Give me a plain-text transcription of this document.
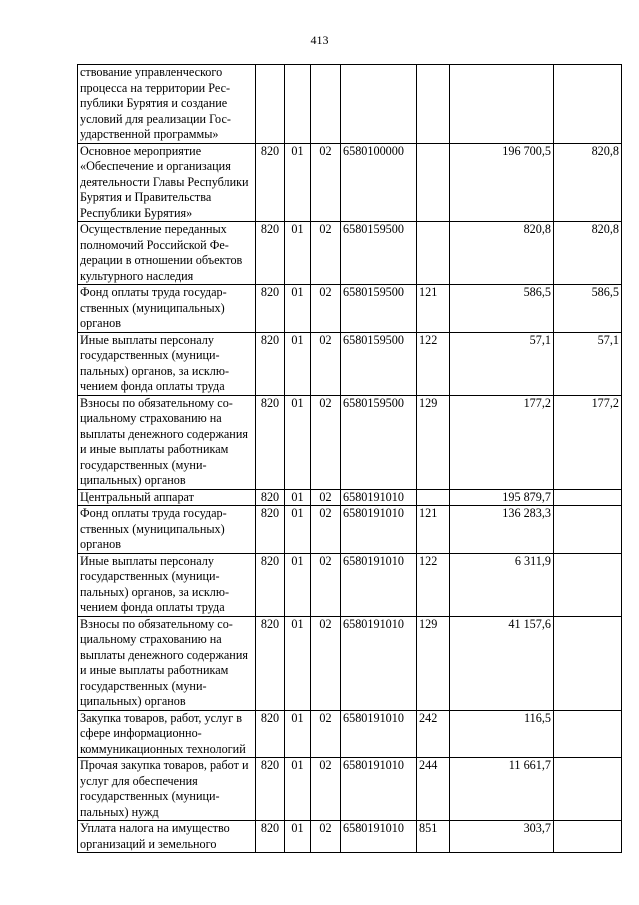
413
ствование управленческого процесса на территории Республики Бурятия и создание условий для реализации Государственной программы»							
Основное мероприятие «Обеспечение и организация деятельности Главы Республики Бурятия и Правительства Республики Бурятия»	820	01	02	6580100000		196 700,5	820,8
Осуществление переданных полномочий Российской Федерации в отношении объектов культурного наследия	820	01	02	6580159500		820,8	820,8
Фонд оплаты труда государственных (муниципальных) органов	820	01	02	6580159500	121	586,5	586,5
Иные выплаты персоналу государственных (муниципальных) органов, за исключением фонда оплаты труда	820	01	02	6580159500	122	57,1	57,1
Взносы по обязательному социальному страхованию на выплаты денежного содержания и иные выплаты работникам государственных (муниципальных) органов	820	01	02	6580159500	129	177,2	177,2
Центральный аппарат	820	01	02	6580191010		195 879,7	
Фонд оплаты труда государственных (муниципальных) органов	820	01	02	6580191010	121	136 283,3	
Иные выплаты персоналу государственных (муниципальных) органов, за исключением фонда оплаты труда	820	01	02	6580191010	122	6 311,9	
Взносы по обязательному социальному страхованию на выплаты денежного содержания и иные выплаты работникам государственных (муниципальных) органов	820	01	02	6580191010	129	41 157,6	
Закупка товаров, работ, услуг в сфере информационно-коммуникационных технологий	820	01	02	6580191010	242	116,5	
Прочая закупка товаров, работ и услуг для обеспечения государственных (муниципальных) нужд	820	01	02	6580191010	244	11 661,7	
Уплата налога на имущество организаций и земельного	820	01	02	6580191010	851	303,7	
